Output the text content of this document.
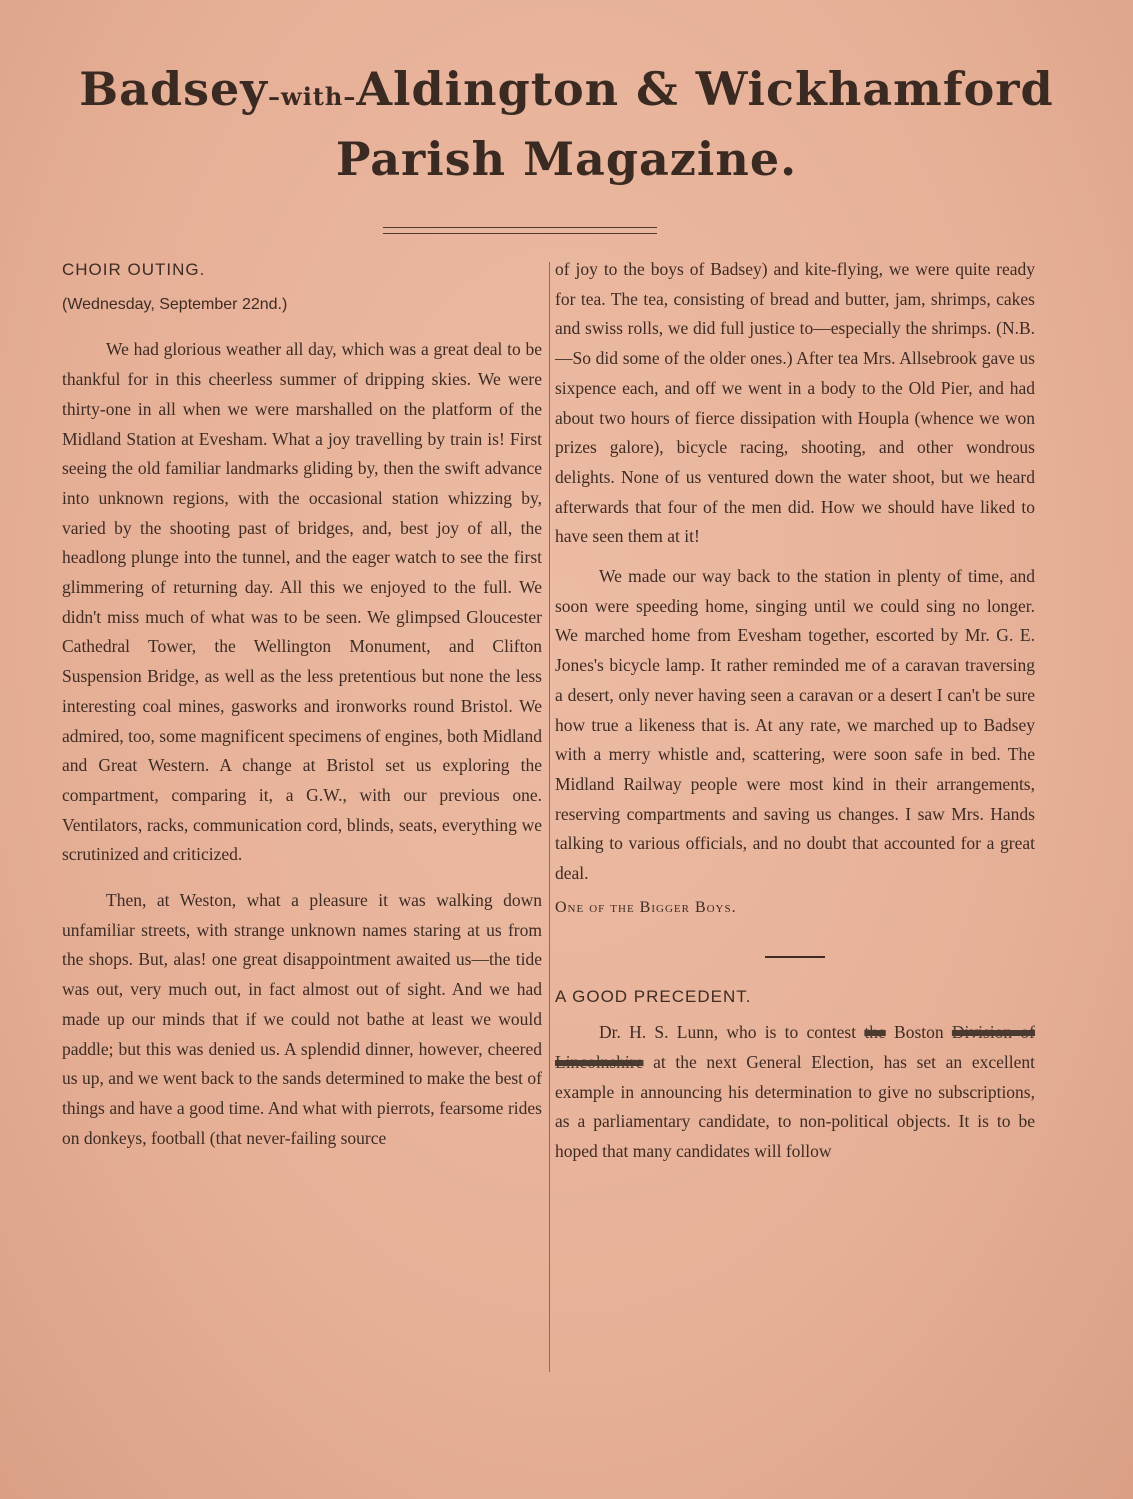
Badsey–with–Aldington & Wickhamford
Parish Magazine.

CHOIR OUTING.

(Wednesday, September 22nd.)

We had glorious weather all day, which was a great deal to be thankful for in this cheerless summer of dripping skies. We were thirty-one in all when we were marshalled on the platform of the Midland Station at Evesham. What a joy travelling by train is! First seeing the old familiar landmarks gliding by, then the swift advance into unknown regions, with the occasional station whizzing by, varied by the shooting past of bridges, and, best joy of all, the headlong plunge into the tunnel, and the eager watch to see the first glimmering of returning day. All this we enjoyed to the full. We didn't miss much of what was to be seen. We glimpsed Gloucester Cathedral Tower, the Wellington Monument, and Clifton Suspension Bridge, as well as the less pretentious but none the less interesting coal mines, gasworks and ironworks round Bristol. We admired, too, some magnificent specimens of engines, both Midland and Great Western. A change at Bristol set us exploring the compartment, comparing it, a G.W., with our previous one. Ventilators, racks, communication cord, blinds, seats, everything we scrutinized and criticized.

Then, at Weston, what a pleasure it was walking down unfamiliar streets, with strange unknown names staring at us from the shops. But, alas! one great disappointment awaited us—the tide was out, very much out, in fact almost out of sight. And we had made up our minds that if we could not bathe at least we would paddle; but this was denied us. A splendid dinner, however, cheered us up, and we went back to the sands determined to make the best of things and have a good time. And what with pierrots, fearsome rides on donkeys, football (that never-failing source

of joy to the boys of Badsey) and kite-flying, we were quite ready for tea. The tea, consisting of bread and butter, jam, shrimps, cakes and swiss rolls, we did full justice to—especially the shrimps. (N.B.—So did some of the older ones.) After tea Mrs. Allsebrook gave us sixpence each, and off we went in a body to the Old Pier, and had about two hours of fierce dissipation with Houpla (whence we won prizes galore), bicycle racing, shooting, and other wondrous delights. None of us ventured down the water shoot, but we heard afterwards that four of the men did. How we should have liked to have seen them at it!

We made our way back to the station in plenty of time, and soon were speeding home, singing until we could sing no longer. We marched home from Evesham together, escorted by Mr. G. E. Jones's bicycle lamp. It rather reminded me of a caravan traversing a desert, only never having seen a caravan or a desert I can't be sure how true a likeness that is. At any rate, we marched up to Badsey with a merry whistle and, scattering, were soon safe in bed. The Midland Railway people were most kind in their arrangements, reserving compartments and saving us changes. I saw Mrs. Hands talking to various officials, and no doubt that accounted for a great deal.

One of the Bigger Boys.

A GOOD PRECEDENT.

Dr. H. S. Lunn, who is to contest the Boston Division of Lincolnshire at the next General Election, has set an excellent example in announcing his determination to give no subscriptions, as a parliamentary candidate, to non-political objects. It is to be hoped that many candidates will follow
